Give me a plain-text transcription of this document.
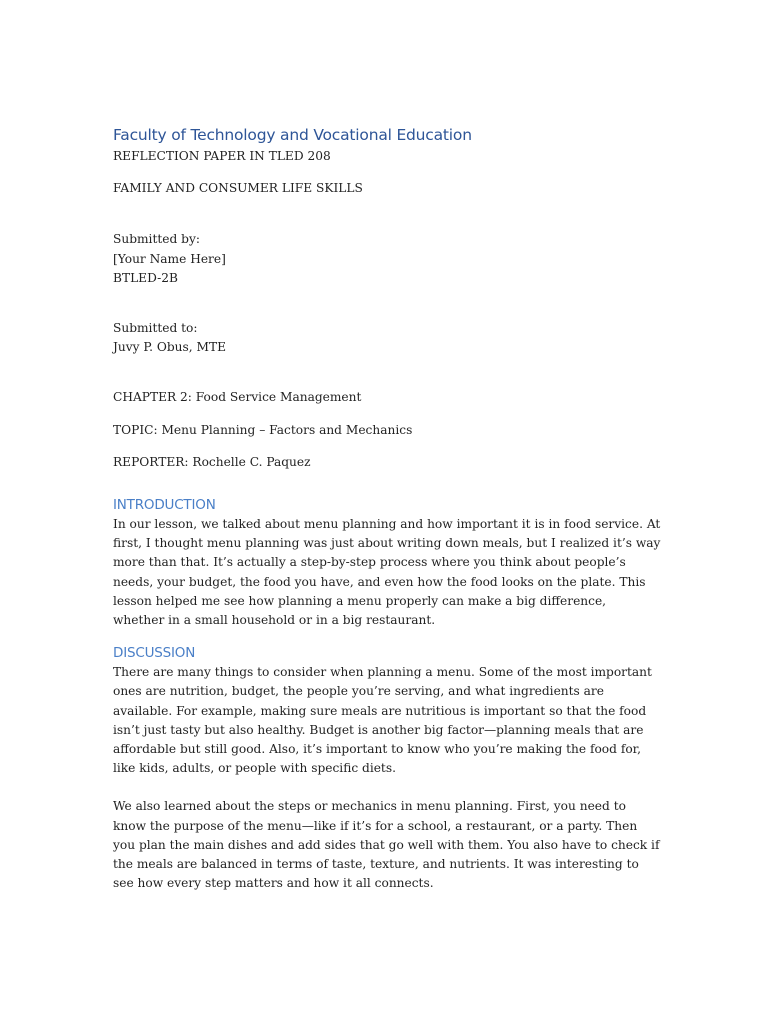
Faculty of Technology and Vocational Education

REFLECTION PAPER IN TLED 208

FAMILY AND CONSUMER LIFE SKILLS

Submitted by:

[Your Name Here]

BTLED-2B

Submitted to:

Juvy P. Obus, MTE

CHAPTER 2: Food Service Management

TOPIC: Menu Planning – Factors and Mechanics

REPORTER: Rochelle C. Paquez

INTRODUCTION

In our lesson, we talked about menu planning and how important it is in food service. At first, I thought menu planning was just about writing down meals, but I realized it’s way more than that. It’s actually a step-by-step process where you think about people’s needs, your budget, the food you have, and even how the food looks on the plate. This lesson helped me see how planning a menu properly can make a big difference, whether in a small household or in a big restaurant.

DISCUSSION

There are many things to consider when planning a menu. Some of the most important ones are nutrition, budget, the people you’re serving, and what ingredients are available. For example, making sure meals are nutritious is important so that the food isn’t just tasty but also healthy. Budget is another big factor—planning meals that are affordable but still good. Also, it’s important to know who you’re making the food for, like kids, adults, or people with specific diets.

We also learned about the steps or mechanics in menu planning. First, you need to know the purpose of the menu—like if it’s for a school, a restaurant, or a party. Then you plan the main dishes and add sides that go well with them. You also have to check if the meals are balanced in terms of taste, texture, and nutrients. It was interesting to see how every step matters and how it all connects.
